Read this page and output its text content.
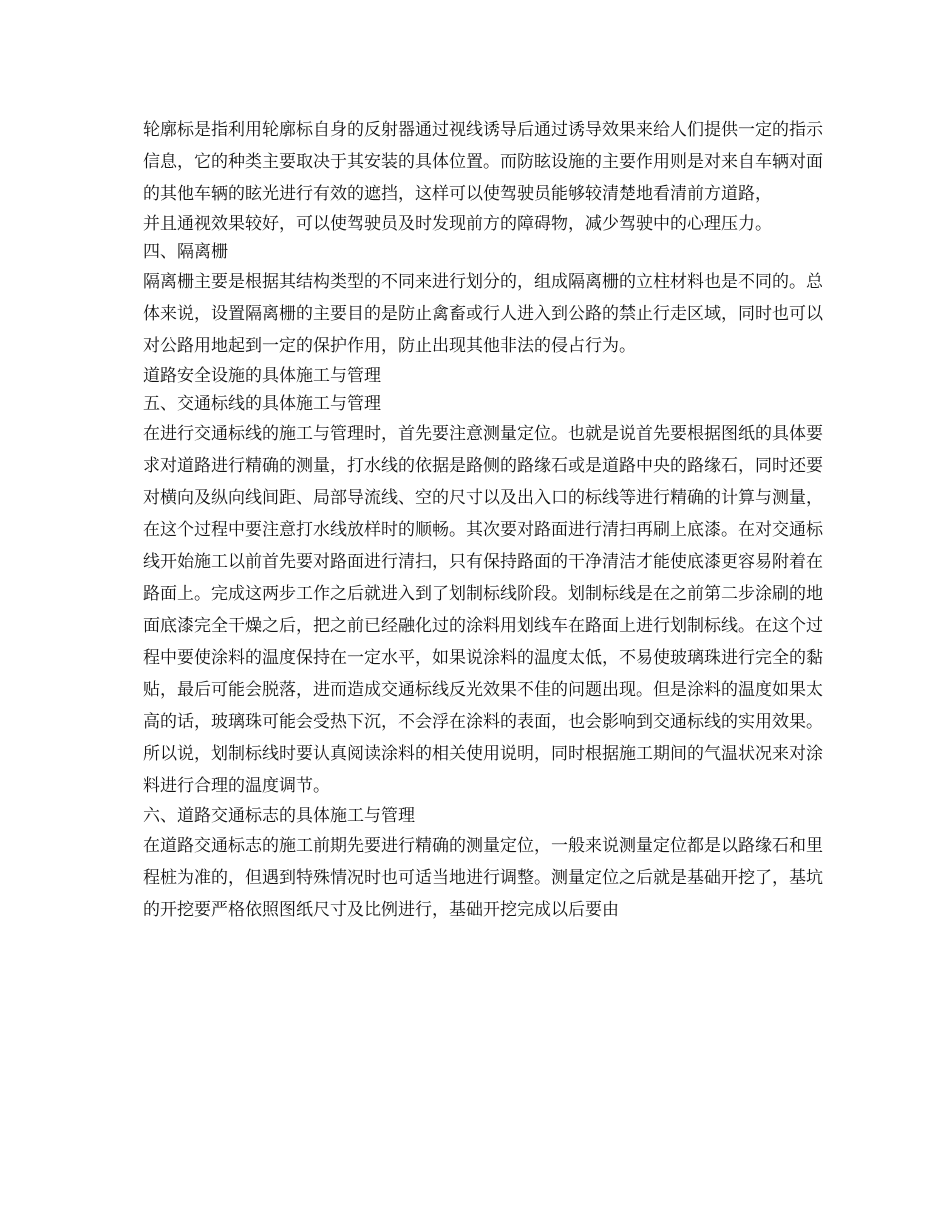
轮廓标是指利用轮廓标自身的反射器通过视线诱导后通过诱导效果来给人们提供一定的指示信息，它的种类主要取决于其安装的具体位置。而防眩设施的主要作用则是对来自车辆对面的其他车辆的眩光进行有效的遮挡，这样可以使驾驶员能够较清楚地看清前方道路，

并且通视效果较好，可以使驾驶员及时发现前方的障碍物，减少驾驶中的心理压力。

四、隔离栅

隔离栅主要是根据其结构类型的不同来进行划分的，组成隔离栅的立柱材料也是不同的。总体来说，设置隔离栅的主要目的是防止禽畜或行人进入到公路的禁止行走区域，同时也可以对公路用地起到一定的保护作用，防止出现其他非法的侵占行为。

道路安全设施的具体施工与管理

五、交通标线的具体施工与管理

在进行交通标线的施工与管理时，首先要注意测量定位。也就是说首先要根据图纸的具体要求对道路进行精确的测量，打水线的依据是路侧的路缘石或是道路中央的路缘石，同时还要对横向及纵向线间距、局部导流线、空的尺寸以及出入口的标线等进行精确的计算与测量，在这个过程中要注意打水线放样时的顺畅。其次要对路面进行清扫再刷上底漆。在对交通标线开始施工以前首先要对路面进行清扫，只有保持路面的干净清洁才能使底漆更容易附着在路面上。完成这两步工作之后就进入到了划制标线阶段。划制标线是在之前第二步涂刷的地面底漆完全干燥之后，把之前已经融化过的涂料用划线车在路面上进行划制标线。在这个过程中要使涂料的温度保持在一定水平，如果说涂料的温度太低，不易使玻璃珠进行完全的黏贴，最后可能会脱落，进而造成交通标线反光效果不佳的问题出现。但是涂料的温度如果太高的话，玻璃珠可能会受热下沉，不会浮在涂料的表面，也会影响到交通标线的实用效果。所以说，划制标线时要认真阅读涂料的相关使用说明，同时根据施工期间的气温状况来对涂料进行合理的温度调节。

六、道路交通标志的具体施工与管理

在道路交通标志的施工前期先要进行精确的测量定位，一般来说测量定位都是以路缘石和里程桩为准的，但遇到特殊情况时也可适当地进行调整。测量定位之后就是基础开挖了，基坑的开挖要严格依照图纸尺寸及比例进行，基础开挖完成以后要由
